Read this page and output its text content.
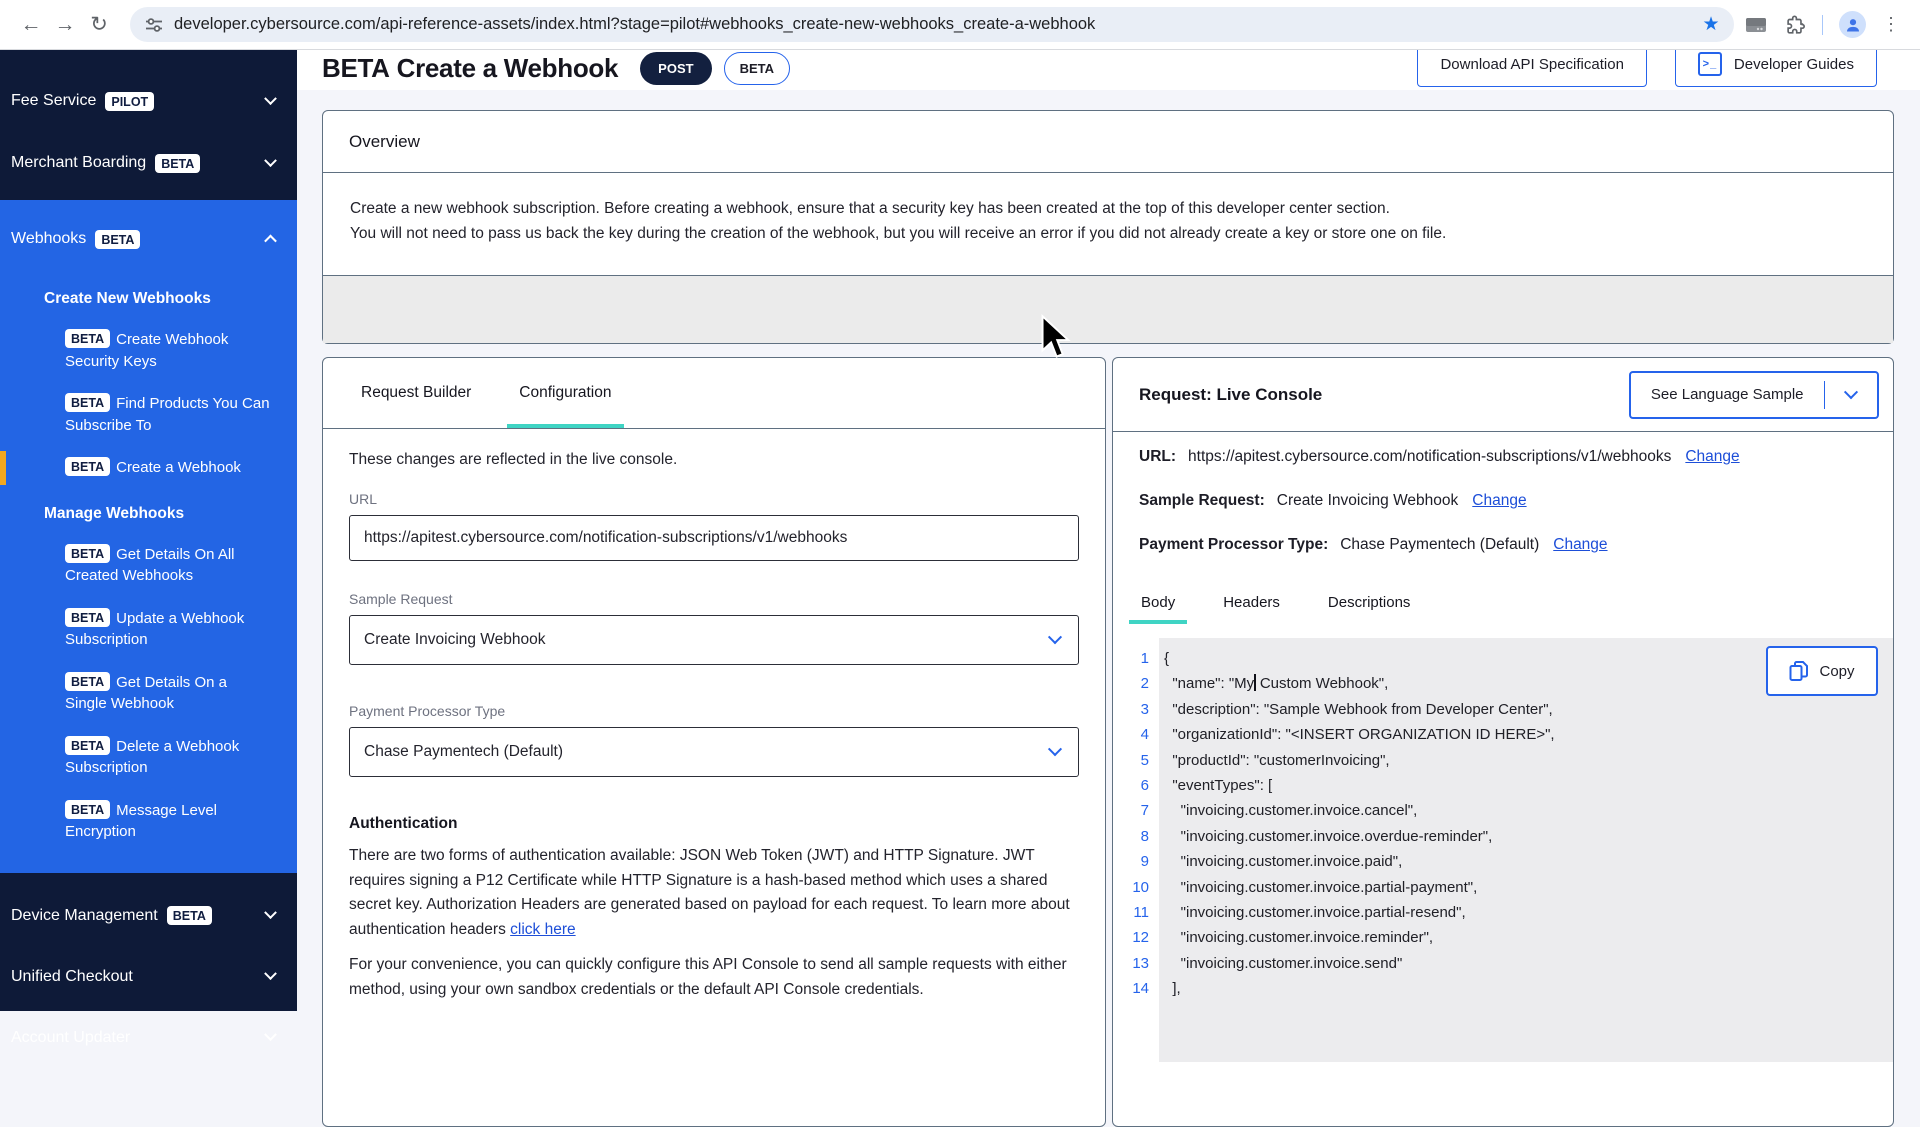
← → ↻	developer.cybersource.com/api-reference-assets/index.html?stage=pilot#webhooks_create-new-webhooks_create-a-webhook	★	⋮
Fee Service	PILOT
Merchant Boarding	BETA
Webhooks	BETA
Create New Webhooks
BETA Create Webhook Security Keys
BETA Find Products You Can Subscribe To
BETA Create a Webhook
Manage Webhooks
BETA Get Details On All Created Webhooks
BETA Update a Webhook Subscription
BETA Get Details On a Single Webhook
BETA Delete a Webhook Subscription
BETA Message Level Encryption
Device Management	BETA
Unified Checkout
Account Updater
BETA Create a Webhook	POST	BETA	Download API Specification	>_	Developer Guides
Overview
Create a new webhook subscription. Before creating a webhook, ensure that a security key has been created at the top of this developer center section.
You will not need to pass us back the key during the creation of the webhook, but you will receive an error if you did not already create a key or store one on file.
Request Builder	Configuration
These changes are reflected in the live console.
URL
https://apitest.cybersource.com/notification-subscriptions/v1/webhooks
Sample Request
Create Invoicing Webhook
Payment Processor Type
Chase Paymentech (Default)
Authentication

There are two forms of authentication available: JSON Web Token (JWT) and HTTP Signature. JWT requires signing a P12 Certificate while HTTP Signature is a hash-based method which uses a shared secret key. Authorization Headers are generated based on payload for each request. To learn more about authentication headers click here

For your convenience, you can quickly configure this API Console to send all sample requests with either method, using your own sandbox credentials or the default API Console credentials.

Request: Live Console	See Language Sample
URL: https://apitest.cybersource.com/notification-subscriptions/v1/webhooks Change
Sample Request: Create Invoicing Webhook Change
Payment Processor Type: Chase Paymentech (Default) Change
Body	Headers	Descriptions
Copy
1	{
2	"name": "My Custom Webhook",
3	"description": "Sample Webhook from Developer Center",
4	"organizationId": "<INSERT ORGANIZATION ID HERE>",
5	"productId": "customerInvoicing",
6	"eventTypes": [
7	"invoicing.customer.invoice.cancel",
8	"invoicing.customer.invoice.overdue-reminder",
9	"invoicing.customer.invoice.paid",
10	"invoicing.customer.invoice.partial-payment",
11	"invoicing.customer.invoice.partial-resend",
12	"invoicing.customer.invoice.reminder",
13	"invoicing.customer.invoice.send"
14	],
